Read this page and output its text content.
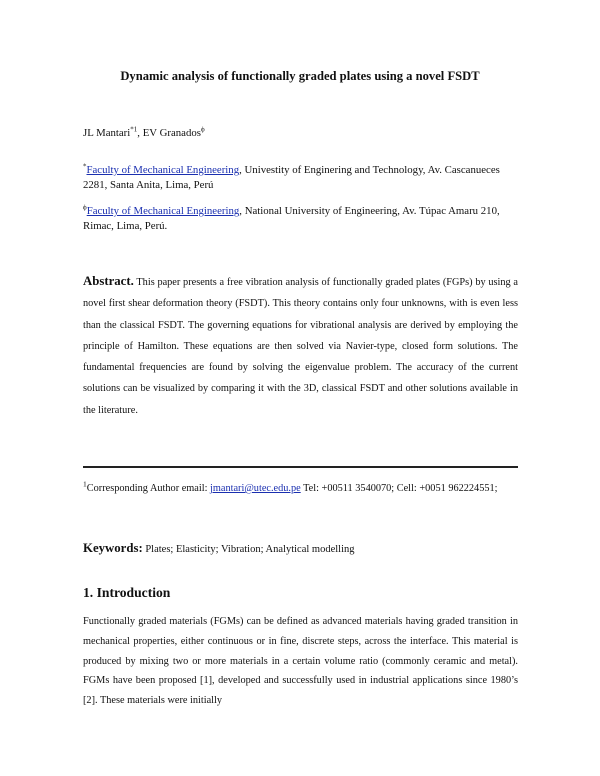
Dynamic analysis of functionally graded plates using a novel FSDT
JL Mantari$^{*1}$, EV Granados$^\phi$
*Faculty of Mechanical Engineering, Univestity of Enginering and Technology, Av. Cascanueces 2281, Santa Anita, Lima, Perú
$^\phi$Faculty of Mechanical Engineering, National University of Engineering, Av. Túpac Amaru 210, Rimac, Lima, Perú.

Abstract. This paper presents a free vibration analysis of functionally graded plates (FGPs) by using a novel first shear deformation theory (FSDT). This theory contains only four unknowns, with is even less than the classical FSDT. The governing equations for vibrational analysis are derived by employing the principle of Hamilton. These equations are then solved via Navier-type, closed form solutions. The fundamental frequencies are found by solving the eigenvalue problem. The accuracy of the current solutions can be visualized by comparing it with the 3D, classical FSDT and other solutions available in the literature.

$^1$Corresponding Author email: jmantari@utec.edu.pe Tel: +00511 3540070; Cell: +0051 962224551;

Keywords: Plates; Elasticity; Vibration; Analytical modelling
1. Introduction

Functionally graded materials (FGMs) can be defined as advanced materials having graded transition in mechanical properties, either continuous or in fine, discrete steps, across the interface. This material is produced by mixing two or more materials in a certain volume ratio (commonly ceramic and metal). FGMs have been proposed [1], developed and successfully used in industrial applications since 1980’s [2]. These materials were initially
